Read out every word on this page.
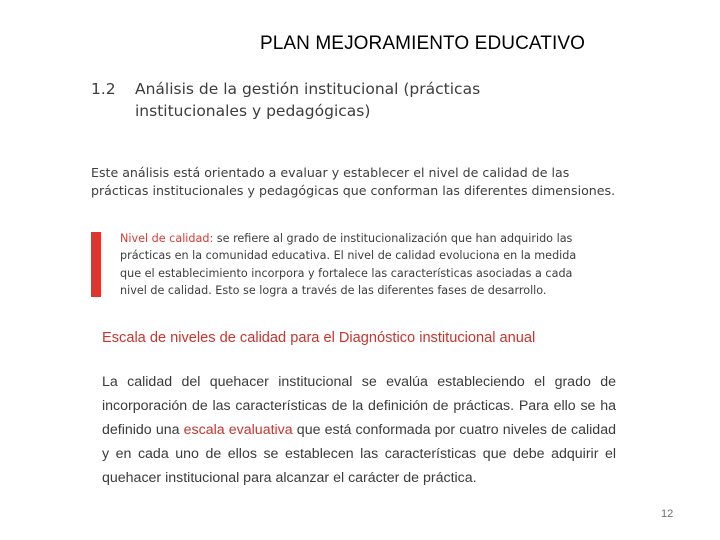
PLAN MEJORAMIENTO EDUCATIVO
1.2 Análisis de la gestión institucional (prácticas
institucionales y pedagógicas)
Este análisis está orientado a evaluar y establecer el nivel de calidad de las prácticas institucionales y pedagógicas que conforman las diferentes dimensiones.
Nivel de calidad: se refiere al grado de institucionalización que han adquirido las prácticas en la comunidad educativa. El nivel de calidad evoluciona en la medida que el establecimiento incorpora y fortalece las características asociadas a cada nivel de calidad. Esto se logra a través de las diferentes fases de desarrollo.
Escala de niveles de calidad para el Diagnóstico institucional anual
La calidad del quehacer institucional se evalúa estableciendo el grado de incorporación de las características de la definición de prácticas. Para ello se ha definido una escala evaluativa que está conformada por cuatro niveles de calidad y en cada uno de ellos se establecen las características que debe adquirir el quehacer institucional para alcanzar el carácter de práctica.
12
